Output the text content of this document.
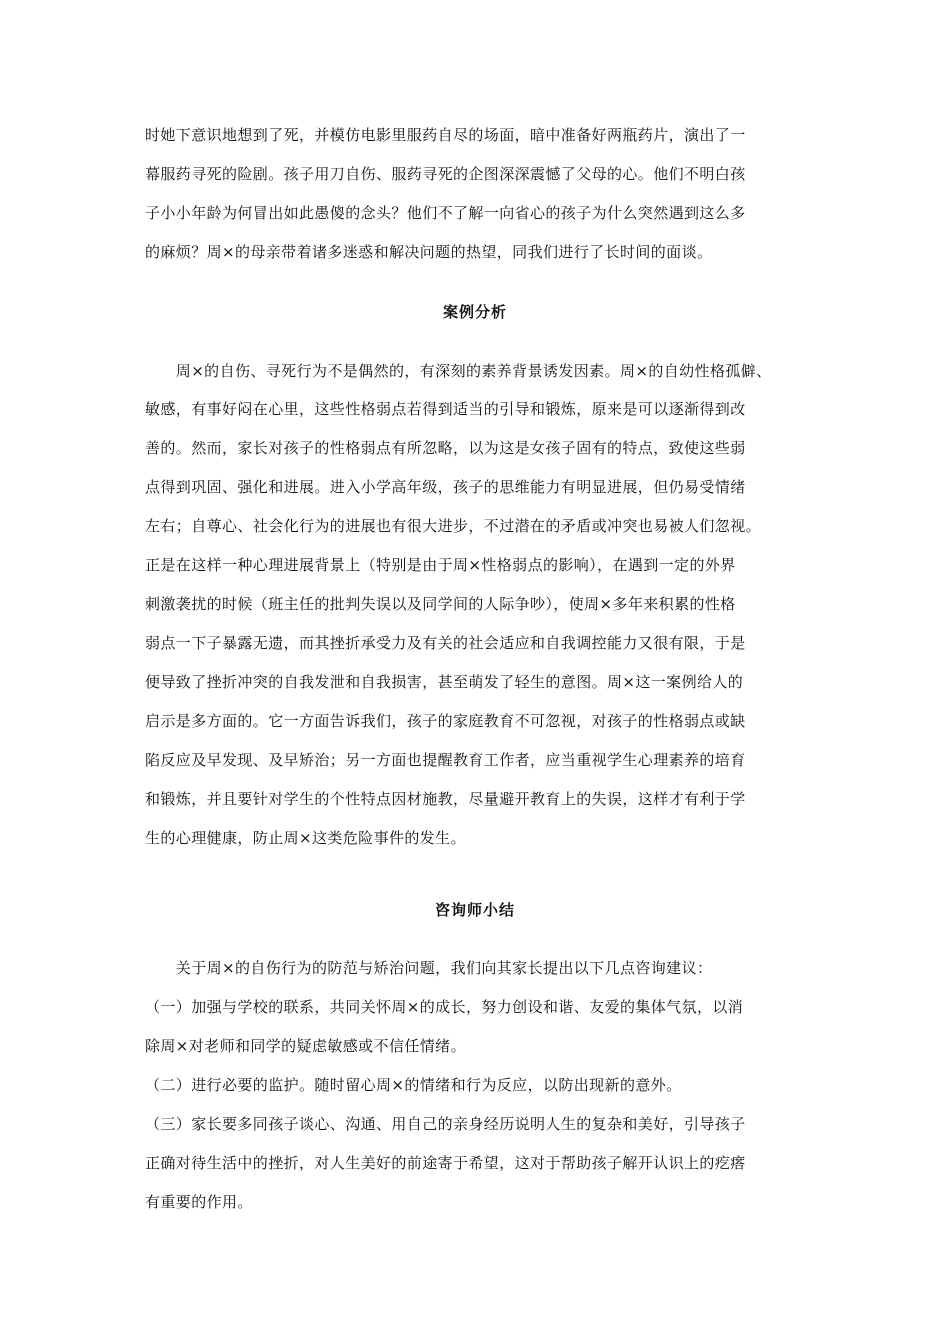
时她下意识地想到了死，并模仿电影里服药自尽的场面，暗中准备好两瓶药片，演出了一
幕服药寻死的险剧。孩子用刀自伤、服药寻死的企图深深震憾了父母的心。他们不明白孩
子小小年龄为何冒出如此愚傻的念头？他们不了解一向省心的孩子为什么突然遇到这么多
的麻烦？周×的母亲带着诸多迷惑和解决问题的热望，同我们进行了长时间的面谈。
案例分析
　　周×的自伤、寻死行为不是偶然的，有深刻的素养背景诱发因素。周×的自幼性格孤僻、
敏感，有事好闷在心里，这些性格弱点若得到适当的引导和锻炼，原来是可以逐渐得到改
善的。然而，家长对孩子的性格弱点有所忽略，以为这是女孩子固有的特点，致使这些弱
点得到巩固、强化和进展。进入小学高年级，孩子的思维能力有明显进展，但仍易受情绪
左右；自尊心、社会化行为的进展也有很大进步，不过潜在的矛盾或冲突也易被人们忽视。
正是在这样一种心理进展背景上（特别是由于周×性格弱点的影响），在遇到一定的外界
刺激袭扰的时候（班主任的批判失误以及同学间的人际争吵），使周×多年来积累的性格
弱点一下子暴露无遗，而其挫折承受力及有关的社会适应和自我调控能力又很有限，于是
便导致了挫折冲突的自我发泄和自我损害，甚至萌发了轻生的意图。周×这一案例给人的
启示是多方面的。它一方面告诉我们，孩子的家庭教育不可忽视，对孩子的性格弱点或缺
陷反应及早发现、及早矫治；另一方面也提醒教育工作者，应当重视学生心理素养的培育
和锻炼，并且要针对学生的个性特点因材施教，尽量避开教育上的失误，这样才有利于学
生的心理健康，防止周×这类危险事件的发生。
咨询师小结
　　关于周×的自伤行为的防范与矫治问题，我们向其家长提出以下几点咨询建议：
（一）加强与学校的联系，共同关怀周×的成长，努力创设和谐、友爱的集体气氛，以消
除周×对老师和同学的疑虑敏感或不信任情绪。
（二）进行必要的监护。随时留心周×的情绪和行为反应，以防出现新的意外。
（三）家长要多同孩子谈心、沟通、用自己的亲身经历说明人生的复杂和美好，引导孩子
正确对待生活中的挫折，对人生美好的前途寄于希望，这对于帮助孩子解开认识上的疙瘩
有重要的作用。
